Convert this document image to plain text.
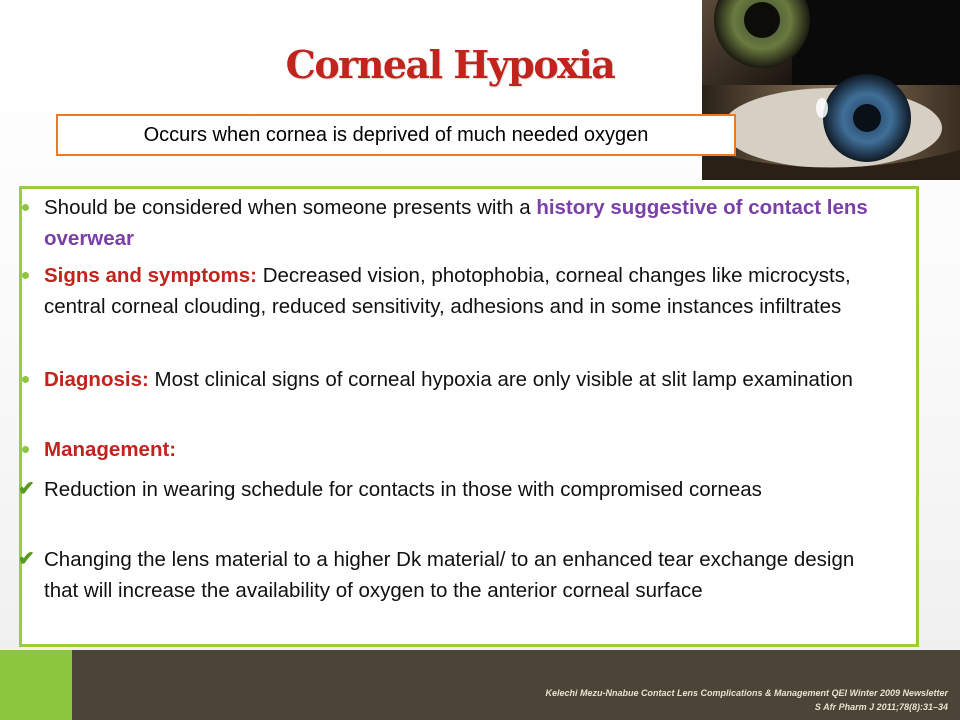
Corneal Hypoxia
Occurs when cornea is deprived of much needed oxygen
Should be considered when someone presents with a history suggestive of contact lens overwear
Signs and symptoms: Decreased vision, photophobia, corneal changes like microcysts, central corneal clouding, reduced sensitivity, adhesions and in some instances infiltrates
Diagnosis: Most clinical signs of corneal hypoxia are only visible at slit lamp examination
Management:
✔ Reduction in wearing schedule for contacts in those with compromised corneas
✔ Changing the lens material to a higher Dk material/ to an enhanced tear exchange design that will increase the availability of oxygen to the anterior corneal surface
Kelechi Mezu-Nnabue Contact Lens Complications & Management QEI Winter 2009 Newsletter
S Afr Pharm J 2011;78(8):31–34
